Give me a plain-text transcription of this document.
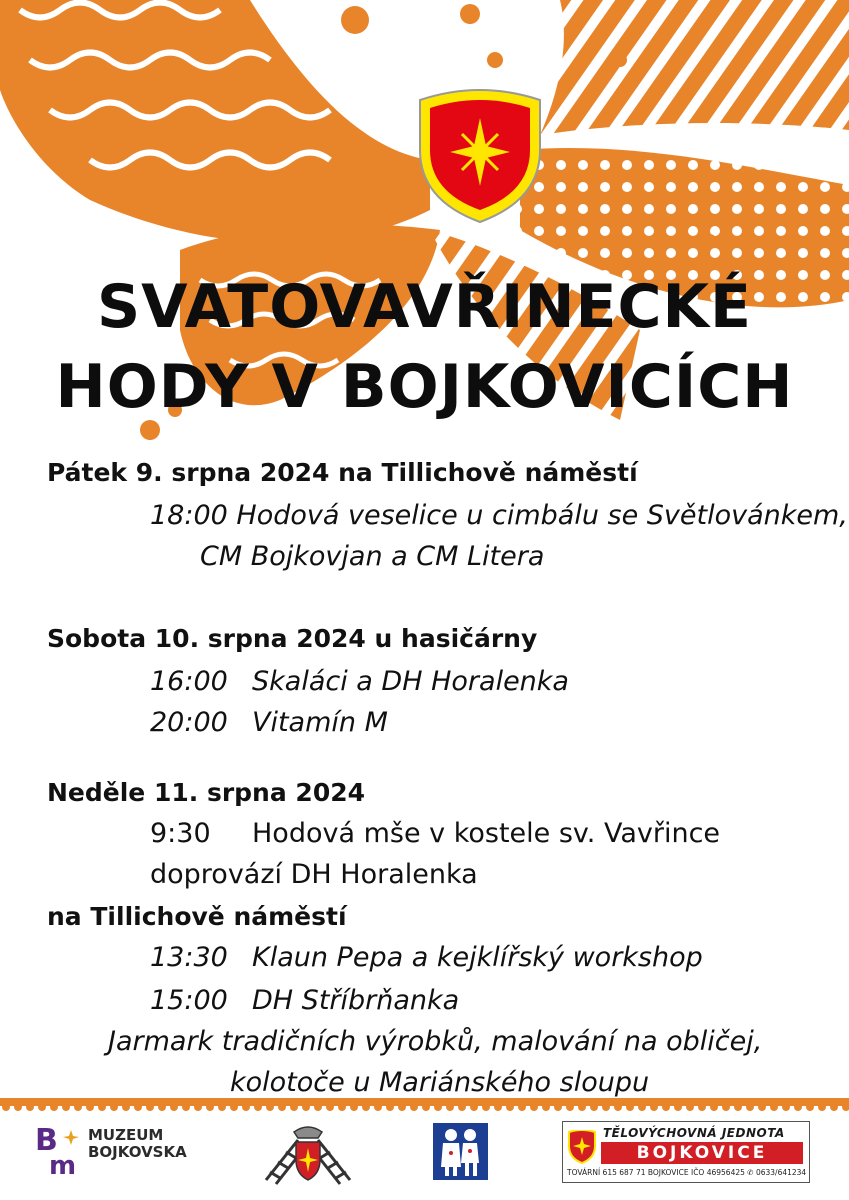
SVATOVAVŘINECKÉ
HODY V BOJKOVICÍCH
Pátek 9. srpna 2024 na Tillichově náměstí
18:00 Hodová veselice u cimbálu se Světlovánkem,
CM Bojkovjan a CM Litera
Sobota 10. srpna 2024 u hasičárny
16:00 Skaláci a DH Horalenka
20:00 Vitamín M
Neděle 11. srpna 2024
9:30 Hodová mše v kostele sv. Vavřince
doprovází DH Horalenka
na Tillichově náměstí
13:30 Klaun Pepa a kejklířský workshop
15:00 DH Stříbrňanka
Jarmark tradičních výrobků, malování na obličej,
kolotoče u Mariánského sloupu
B
m
MUZEUM
BOJKOVSKA
TĚLOVÝCHOVNÁ JEDNOTA
BOJKOVICE
TOVÁRNÍ 615 687 71 BOJKOVICE IČO 46956425 ✆ 0633/641234
